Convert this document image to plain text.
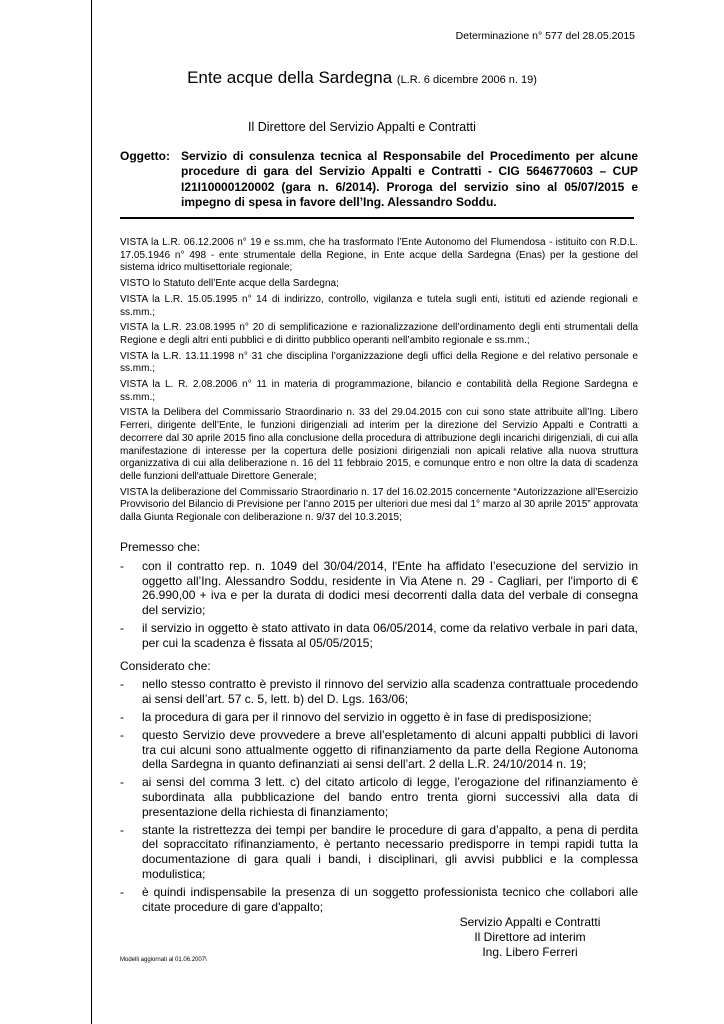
Determinazione n° 577 del 28.05.2015
Ente acque della Sardegna (L.R. 6 dicembre 2006 n. 19)
Il Direttore del Servizio Appalti e Contratti
Oggetto: Servizio di consulenza tecnica al Responsabile del Procedimento per alcune procedure di gara del Servizio Appalti e Contratti - CIG 5646770603 – CUP I21I10000120002 (gara n. 6/2014). Proroga del servizio sino al 05/07/2015 e impegno di spesa in favore dell’Ing. Alessandro Soddu.

VISTA la L.R. 06.12.2006 n° 19 e ss.mm, che ha trasformato l’Ente Autonomo del Flumendosa - istituito con R.D.L. 17.05.1946 n° 498 - ente strumentale della Regione, in Ente acque della Sardegna (Enas) per la gestione del sistema idrico multisettoriale regionale;

VISTO lo Statuto dell’Ente acque della Sardegna;

VISTA la L.R. 15.05.1995 n° 14 di indirizzo, controllo, vigilanza e tutela sugli enti, istituti ed aziende regionali e ss.mm.;

VISTA la L.R. 23.08.1995 n° 20 di semplificazione e razionalizzazione dell’ordinamento degli enti strumentali della Regione e degli altri enti pubblici e di diritto pubblico operanti nell’ambito regionale e ss.mm.;

VISTA la L.R. 13.11.1998 n° 31 che disciplina l’organizzazione degli uffici della Regione e del relativo personale e ss.mm.;

VISTA la L. R. 2.08.2006 n° 11 in materia di programmazione, bilancio e contabilità della Regione Sardegna e ss.mm.;

VISTA la Delibera del Commissario Straordinario n. 33 del 29.04.2015 con cui sono state attribuite all’Ing. Libero Ferreri, dirigente dell’Ente, le funzioni dirigenziali ad interim per la direzione del Servizio Appalti e Contratti a decorrere dal 30 aprile 2015 fino alla conclusione della procedura di attribuzione degli incarichi dirigenziali, di cui alla manifestazione di interesse per la copertura delle posizioni dirigenziali non apicali relative alla nuova struttura organizzativa di cui alla deliberazione n. 16 del 11 febbraio 2015, e comunque entro e non oltre la data di scadenza delle funzioni dell'attuale Direttore Generale;

VISTA la deliberazione del Commissario Straordinario n. 17 del 16.02.2015 concernente “Autorizzazione all’Esercizio Provvisorio del Bilancio di Previsione per l’anno 2015 per ulteriori due mesi dal 1° marzo al 30 aprile 2015” approvata dalla Giunta Regionale con deliberazione n. 9/37 del 10.3.2015;

Premesso che:
- con il contratto rep. n. 1049 del 30/04/2014, l'Ente ha affidato l’esecuzione del servizio in oggetto all’Ing. Alessandro Soddu, residente in Via Atene n. 29 - Cagliari, per l'importo di € 26.990,00 + iva e per la durata di dodici mesi decorrenti dalla data del verbale di consegna del servizio;
- il servizio in oggetto è stato attivato in data 06/05/2014, come da relativo verbale in pari data, per cui la scadenza è fissata al 05/05/2015;
Considerato che:
- nello stesso contratto è previsto il rinnovo del servizio alla scadenza contrattuale procedendo ai sensi dell’art. 57 c. 5, lett. b) del D. Lgs. 163/06;
- la procedura di gara per il rinnovo del servizio in oggetto è in fase di predisposizione;
- questo Servizio deve provvedere a breve all’espletamento di alcuni appalti pubblici di lavori tra cui alcuni sono attualmente oggetto di rifinanziamento da parte della Regione Autonoma della Sardegna in quanto definanziati ai sensi dell’art. 2 della L.R. 24/10/2014 n. 19;
- ai sensi del comma 3 lett. c) del citato articolo di legge, l’erogazione del rifinanziamento è subordinata alla pubblicazione del bando entro trenta giorni successivi alla data di presentazione della richiesta di finanziamento;
- stante la ristrettezza dei tempi per bandire le procedure di gara d’appalto, a pena di perdita del sopraccitato rifinanziamento, è pertanto necessario predisporre in tempi rapidi tutta la documentazione di gara quali i bandi, i disciplinari, gli avvisi pubblici e la complessa modulistica;
- è quindi indispensabile la presenza di un soggetto professionista tecnico che collabori alle citate procedure di gare d'appalto;
Servizio Appalti e Contratti
Il Direttore ad interim
Ing. Libero Ferreri
Modelli aggiornati al 01.06.2007\
